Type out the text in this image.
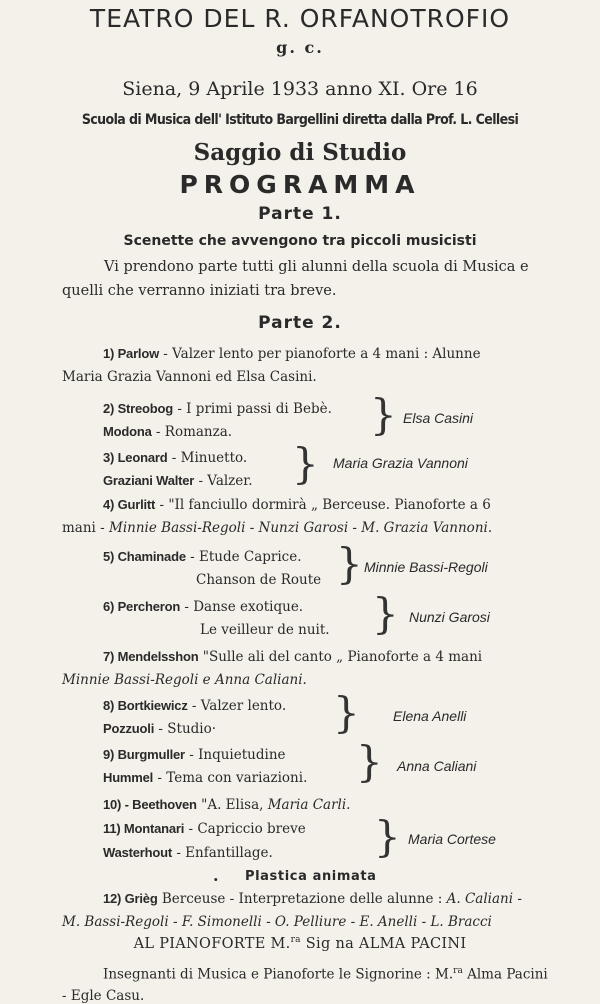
TEATRO DEL R. ORFANOTROFIO
g. c.
Siena, 9 Aprile 1933 anno XI. Ore 16
Scuola di Musica dell' Istituto Bargellini diretta dalla Prof. L. Cellesi
Saggio di Studio
PROGRAMMA
Parte 1.
Scenette che avvengono tra piccoli musicisti
Vi prendono parte tutti gli alunni della scuola di Musica e
quelli che verranno iniziati tra breve.
Parte 2.
1) Parlow - Valzer lento per pianoforte a 4 mani : Alunne
Maria Grazia Vannoni ed Elsa Casini.
2) Streobog - I primi passi di Bebè.
Modona - Romanza.	} Elsa Casini
3) Leonard - Minuetto.
Graziani Walter - Valzer. } Maria Grazia Vannoni
4) Gurlitt - "Il fanciullo dormirà „ Berceuse. Pianoforte a 6
mani - Minnie Bassi-Regoli - Nunzi Garosi - M. Grazia Vannoni.
5) Chaminade - Etude Caprice.
Chanson de Route } Minnie Bassi-Regoli
6) Percheron - Danse exotique.
Le veilleur de nuit. } Nunzi Garosi
7) Mendelsshon "Sulle ali del canto „ Pianoforte a 4 mani
Minnie Bassi-Regoli e Anna Caliani.
8) Bortkiewicz - Valzer lento.
Pozzuoli - Studio·	} Elena Anelli
9) Burgmuller - Inquietudine
Hummel - Tema con variazioni. } Anna Caliani
10) - Beethoven "A. Elisa, Maria Carli.
11) Montanari - Capriccio breve
Wasterhout - Enfantillage. } Maria Cortese
. Plastica animata
12) Grièg Berceuse - Interpretazione delle alunne : A. Caliani -
M. Bassi-Regoli - F. Simonelli - O. Pelliure - E. Anelli - L. Bracci
AL PIANOFORTE M.$^{ra}$ Sig na ALMA PACINI
Insegnanti di Musica e Pianoforte le Signorine : M.$^{ra}$ Alma Pacini
- Egle Casu.
